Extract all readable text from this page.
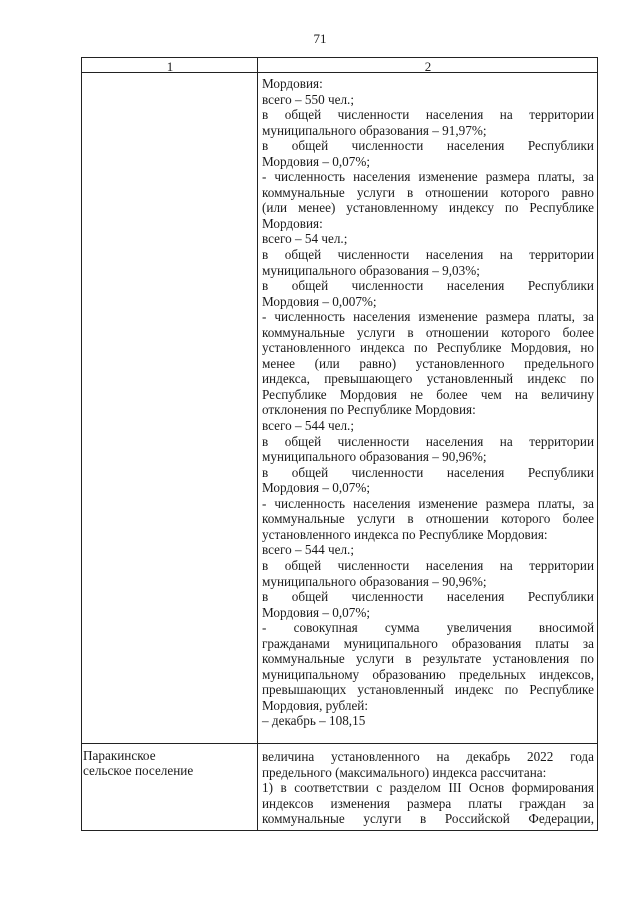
71
1	2
Мордовия:
всего – 550 чел.;
в общей численности населения на территории
муниципального образования – 91,97%;
в общей численности населения Республики
Мордовия – 0,07%;
- численность населения изменение размера платы, за
коммунальные услуги в отношении которого равно
(или менее) установленному индексу по Республике
Мордовия:
всего – 54 чел.;
в общей численности населения на территории
муниципального образования – 9,03%;
в общей численности населения Республики
Мордовия – 0,007%;
- численность населения изменение размера платы, за
коммунальные услуги в отношении которого более
установленного индекса по Республике Мордовия, но
менее (или равно) установленного предельного
индекса, превышающего установленный индекс по
Республике Мордовия не более чем на величину
отклонения по Республике Мордовия:
всего – 544 чел.;
в общей численности населения на территории
муниципального образования – 90,96%;
в общей численности населения Республики
Мордовия – 0,07%;
- численность населения изменение размера платы, за
коммунальные услуги в отношении которого более
установленного индекса по Республике Мордовия:
всего – 544 чел.;
в общей численности населения на территории
муниципального образования – 90,96%;
в общей численности населения Республики
Мордовия – 0,07%;
- совокупная сумма увеличения вносимой
гражданами муниципального образования платы за
коммунальные услуги в результате установления по
муниципальному образованию предельных индексов,
превышающих установленный индекс по Республике
Мордовия, рублей:
– декабрь – 108,15
Паракинское
сельское поселение
величина установленного на декабрь 2022 года
предельного (максимального) индекса рассчитана:
1) в соответствии с разделом III Основ формирования
индексов изменения размера платы граждан за
коммунальные услуги в Российской Федерации,
